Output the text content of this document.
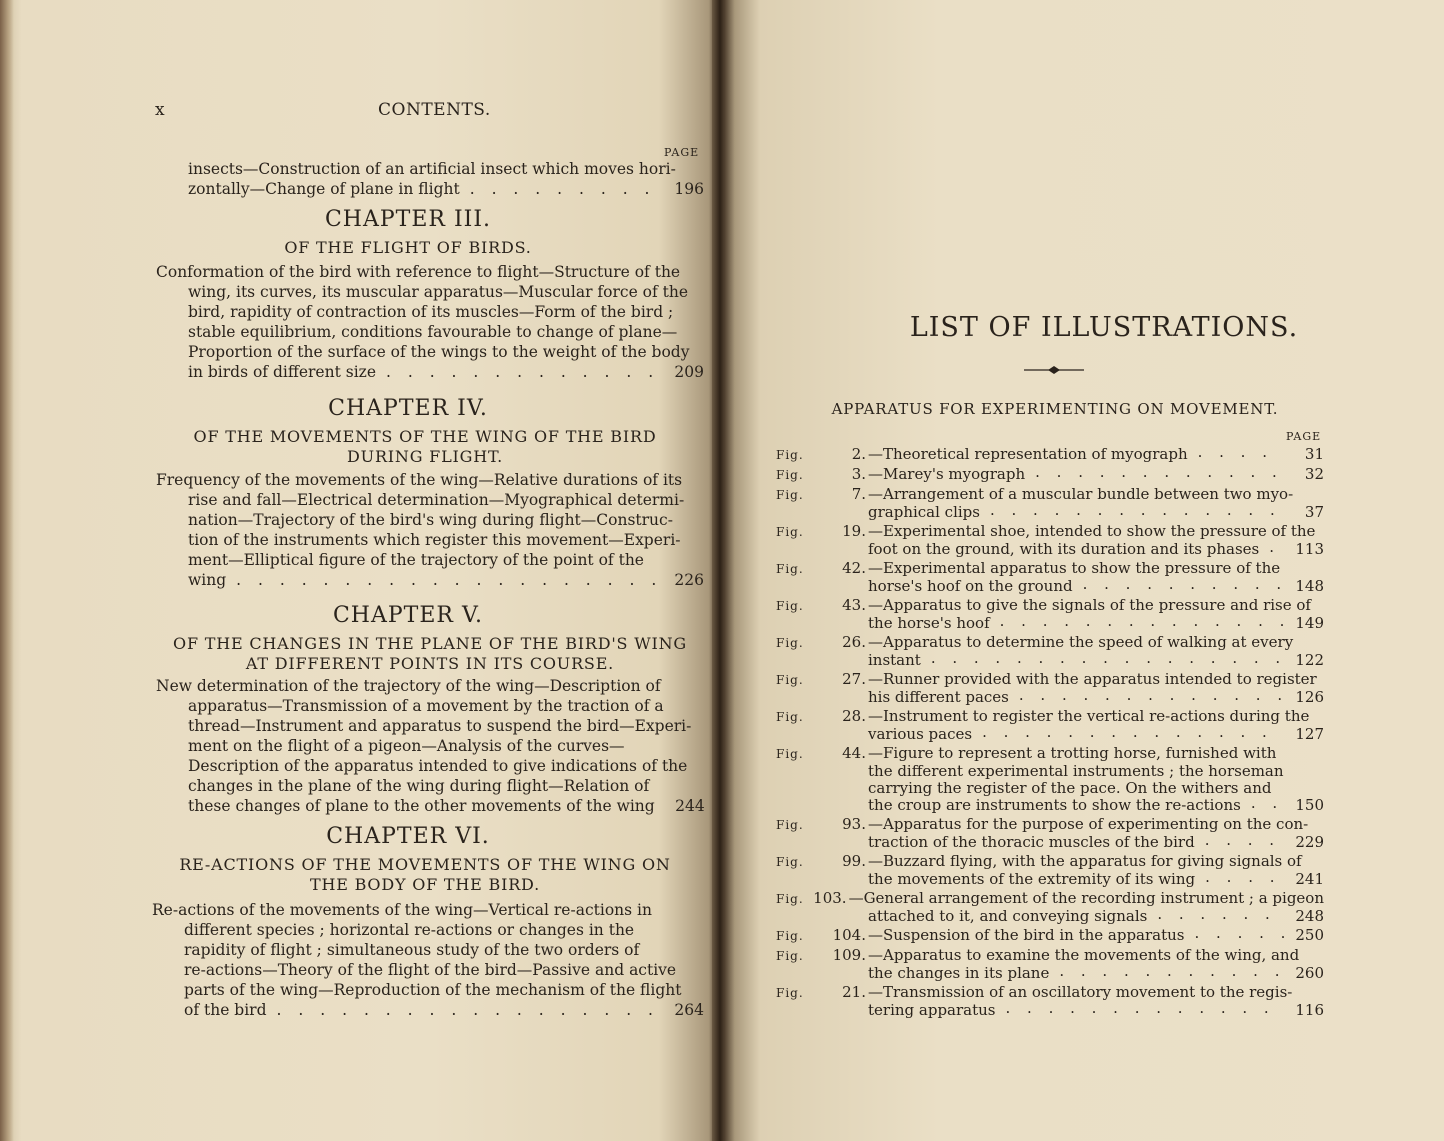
x	CONTENTS.
PAGE
insects—Construction of an artificial insect which moves hori-
zontally—Change of plane in flight . . .	196
CHAPTER III.
OF THE FLIGHT OF BIRDS.
Conformation of the bird with reference to flight—Structure of the
wing, its curves, its muscular apparatus—Muscular force of the
bird, rapidity of contraction of its muscles—Form of the bird ;
stable equilibrium, conditions favourable to change of plane—
Proportion of the surface of the wings to the weight of the body
in birds of different size . . .	209
CHAPTER IV.
OF THE MOVEMENTS OF THE WING OF THE BIRD
DURING FLIGHT.
Frequency of the movements of the wing—Relative durations of its
rise and fall—Electrical determination—Myographical determi-
nation—Trajectory of the bird's wing during flight—Construc-
tion of the instruments which register this movement—Experi-
ment—Elliptical figure of the trajectory of the point of the
wing . . .	226
CHAPTER V.
OF THE CHANGES IN THE PLANE OF THE BIRD'S WING
AT DIFFERENT POINTS IN ITS COURSE.
New determination of the trajectory of the wing—Description of
apparatus—Transmission of a movement by the traction of a
thread—Instrument and apparatus to suspend the bird—Experi-
ment on the flight of a pigeon—Analysis of the curves—
Description of the apparatus intended to give indications of the
changes in the plane of the wing during flight—Relation of
these changes of plane to the other movements of the wing 244
CHAPTER VI.
RE-ACTIONS OF THE MOVEMENTS OF THE WING ON
THE BODY OF THE BIRD.
Re-actions of the movements of the wing—Vertical re-actions in
different species ; horizontal re-actions or changes in the
rapidity of flight ; simultaneous study of the two orders of
re-actions—Theory of the flight of the bird—Passive and active
parts of the wing—Reproduction of the mechanism of the flight
of the bird . . .	264
LIST OF ILLUSTRATIONS.
APPARATUS FOR EXPERIMENTING ON MOVEMENT.
PAGE
Fig.	2. —Theoretical representation of myograph . . .	31
Fig.	3. —Marey's myograph . . .	32
Fig.	7. —Arrangement of a muscular bundle between two myo-
graphical clips . . .	37
Fig.	19. —Experimental shoe, intended to show the pressure of the
foot on the ground, with its duration and its phases . . . 113
Fig.	42. —Experimental apparatus to show the pressure of the
horse's hoof on the ground . . .	148
Fig.	43. —Apparatus to give the signals of the pressure and rise of
the horse's hoof . . .	149
Fig.	26. —Apparatus to determine the speed of walking at every
instant . . .	122
Fig.	27. —Runner provided with the apparatus intended to register
his different paces . . .	126
Fig.	28. —Instrument to register the vertical re-actions during the
various paces . . .	127
Fig.	44. —Figure to represent a trotting horse, furnished with
the different experimental instruments ; the horseman
carrying the register of the pace. On the withers and
the croup are instruments to show the re-actions . . .	150
Fig.	93. —Apparatus for the purpose of experimenting on the con-
traction of the thoracic muscles of the bird . . .	229
Fig.	99. —Buzzard flying, with the apparatus for giving signals of
the movements of the extremity of its wing . . .	241
Fig. 103. —General arrangement of the recording instrument ; a pigeon
attached to it, and conveying signals . . .	248
Fig.	104. —Suspension of the bird in the apparatus . . .	250
Fig.	109. —Apparatus to examine the movements of the wing, and
the changes in its plane . . .	260
Fig.	21. —Transmission of an oscillatory movement to the regis-
tering apparatus . . .	116
